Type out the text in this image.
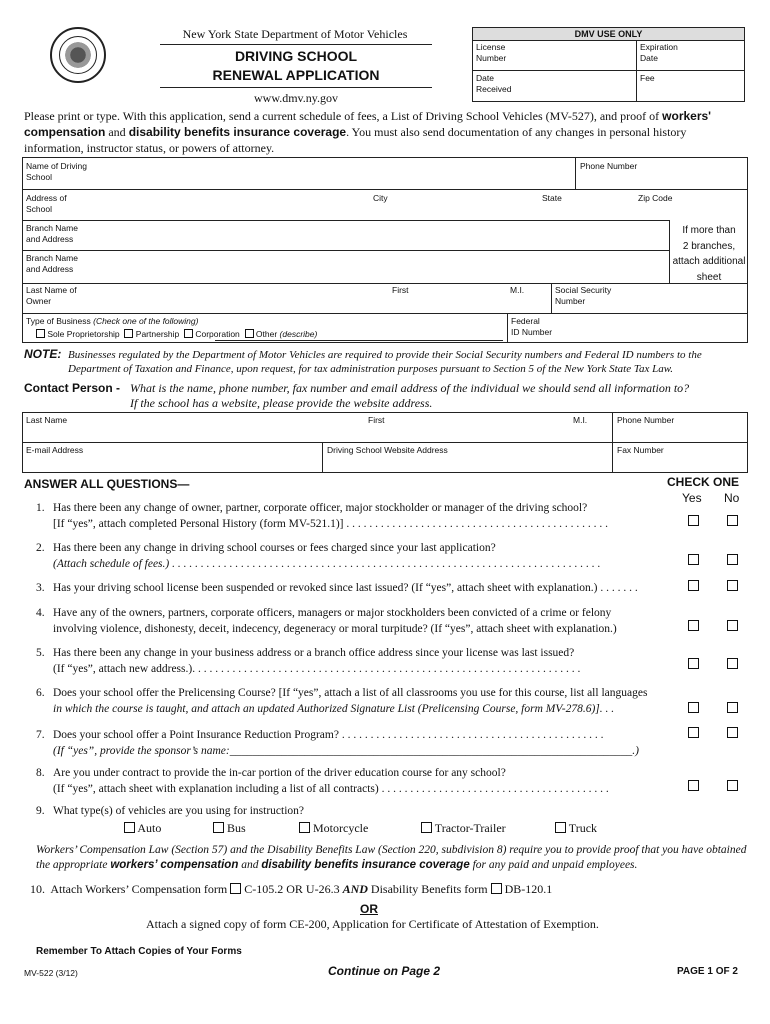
New York State Department of Motor Vehicles
DRIVING SCHOOL
RENEWAL APPLICATION
www.dmv.ny.gov
DMV USE ONLY
License
Number
Expiration
Date
Date
Received
Fee
Please print or type. With this application, send a current schedule of fees, a List of Driving School Vehicles (MV-527), and proof of workers' compensation and disability benefits insurance coverage. You must also send documentation of any changes in personal history information, instructor status, or powers of attorney.
Name of Driving
School
Phone Number
Address of
School
City	State	Zip Code
Branch Name
and Address
Branch Name
and Address
If more than
2 branches,
attach additional
sheet
Last Name of
Owner
First	M.I.	Social Security
Number
Type of Business (Check one of the following)
Sole Proprietorship Partnership Corporation Other (describe)
Federal
ID Number
NOTE: Businesses regulated by the Department of Motor Vehicles are required to provide their Social Security numbers and Federal ID numbers to the Department of Taxation and Finance, upon request, for tax administration purposes pursuant to Section 5 of the New York State Tax Law.
Contact Person - What is the name, phone number, fax number and email address of the individual we should send all information to?
If the school has a website, please provide the website address.
Last Name	First	M.I.	Phone Number
E-mail Address	Driving School Website Address	Fax Number
ANSWER ALL QUESTIONS—	CHECK ONE
Yes No
1. Has there been any change of owner, partner, corporate officer, major stockholder or manager of the driving school?
[If “yes”, attach completed Personal History (form MV-521.1)] . . . . . . . . . . . . . . . . . . . . . . . . . . . . . . . . . . . . . . . . . . . . . .
2. Has there been any change in driving school courses or fees charged since your last application?
(Attach schedule of fees.) . . . . . . . . . . . . . . . . . . . . . . . . . . . . . . . . . . . . . . . . . . . . . . . . . . . . . . . . . . . . . . . . . . . . . . . . . . .
3. Has your driving school license been suspended or revoked since last issued? (If “yes”, attach sheet with explanation.) . . . . . . .
4. Have any of the owners, partners, corporate officers, managers or major stockholders been convicted of a crime or felony
involving violence, dishonesty, deceit, indecency, degeneracy or moral turpitude? (If “yes”, attach sheet with explanation.)
5. Has there been any change in your business address or a branch office address since your license was last issued?
(If “yes”, attach new address.). . . . . . . . . . . . . . . . . . . . . . . . . . . . . . . . . . . . . . . . . . . . . . . . . . . . . . . . . . . . . . . . . . . .
6. Does your school offer the Prelicensing Course? [If “yes”, attach a list of all classrooms you use for this course, list all languages
in which the course is taught, and attach an updated Authorized Signature List (Prelicensing Course, form MV-278.6)]. . .
7. Does your school offer a Point Insurance Reduction Program? . . . . . . . . . . . . . . . . . . . . . . . . . . . . . . . . . . . . . . . . . . . . . .
(If “yes”, provide the sponsor’s name:______________________________________________________________________.)
8. Are you under contract to provide the in-car portion of the driver education course for any school?
(If “yes”, attach sheet with explanation including a list of all contracts) . . . . . . . . . . . . . . . . . . . . . . . . . . . . . . . . . . . . . . . .
9. What type(s) of vehicles are you using for instruction?
Auto	Bus	Motorcycle	Tractor-Trailer	Truck
Workers’ Compensation Law (Section 57) and the Disability Benefits Law (Section 220, subdivision 8) require you to provide proof that you have obtained the appropriate workers’ compensation and disability benefits insurance coverage for any paid and unpaid employees.
10. Attach Workers’ Compensation form C-105.2 OR U-26.3 AND Disability Benefits form DB-120.1
OR
Attach a signed copy of form CE-200, Application for Certificate of Attestation of Exemption.
Remember To Attach Copies of Your Forms
MV-522 (3/12)	Continue on Page 2	PAGE 1 OF 2
